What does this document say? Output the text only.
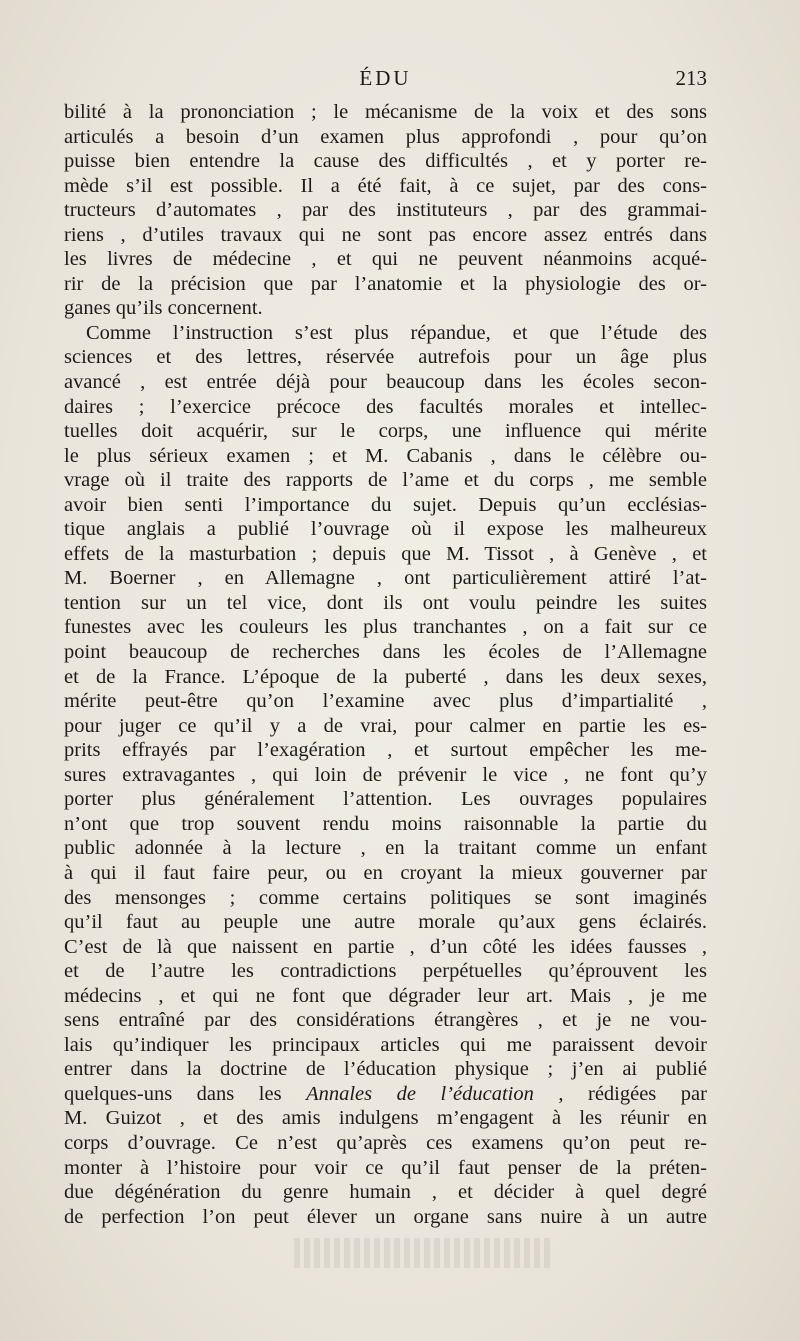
ÉDU	213
bilité à la prononciation ; le mécanisme de la voix et des sons
articulés a besoin d’un examen plus approfondi , pour qu’on
puisse bien entendre la cause des difficultés , et y porter re-
mède s’il est possible. Il a été fait, à ce sujet, par des cons-
tructeurs d’automates , par des instituteurs , par des grammai-
riens , d’utiles travaux qui ne sont pas encore assez entrés dans
les livres de médecine , et qui ne peuvent néanmoins acqué-
rir de la précision que par l’anatomie et la physiologie des or-
ganes qu’ils concernent.
Comme l’instruction s’est plus répandue, et que l’étude des
sciences et des lettres, réservée autrefois pour un âge plus
avancé , est entrée déjà pour beaucoup dans les écoles secon-
daires ; l’exercice précoce des facultés morales et intellec-
tuelles doit acquérir, sur le corps, une influence qui mérite
le plus sérieux examen ; et M. Cabanis , dans le célèbre ou-
vrage où il traite des rapports de l’ame et du corps , me semble
avoir bien senti l’importance du sujet. Depuis qu’un ecclésias-
tique anglais a publié l’ouvrage où il expose les malheureux
effets de la masturbation ; depuis que M. Tissot , à Genève , et
M. Boerner , en Allemagne , ont particulièrement attiré l’at-
tention sur un tel vice, dont ils ont voulu peindre les suites
funestes avec les couleurs les plus tranchantes , on a fait sur ce
point beaucoup de recherches dans les écoles de l’Allemagne
et de la France. L’époque de la puberté , dans les deux sexes,
mérite peut-être qu’on l’examine avec plus d’impartialité ,
pour juger ce qu’il y a de vrai, pour calmer en partie les es-
prits effrayés par l’exagération , et surtout empêcher les me-
sures extravagantes , qui loin de prévenir le vice , ne font qu’y
porter plus généralement l’attention. Les ouvrages populaires
n’ont que trop souvent rendu moins raisonnable la partie du
public adonnée à la lecture , en la traitant comme un enfant
à qui il faut faire peur, ou en croyant la mieux gouverner par
des mensonges ; comme certains politiques se sont imaginés
qu’il faut au peuple une autre morale qu’aux gens éclairés.
C’est de là que naissent en partie , d’un côté les idées fausses ,
et de l’autre les contradictions perpétuelles qu’éprouvent les
médecins , et qui ne font que dégrader leur art. Mais , je me
sens entraîné par des considérations étrangères , et je ne vou-
lais qu’indiquer les principaux articles qui me paraissent devoir
entrer dans la doctrine de l’éducation physique ; j’en ai publié
quelques-uns dans les Annales de l’éducation , rédigées par
M. Guizot , et des amis indulgens m’engagent à les réunir en
corps d’ouvrage. Ce n’est qu’après ces examens qu’on peut re-
monter à l’histoire pour voir ce qu’il faut penser de la préten-
due dégénération du genre humain , et décider à quel degré
de perfection l’on peut élever un organe sans nuire à un autre
